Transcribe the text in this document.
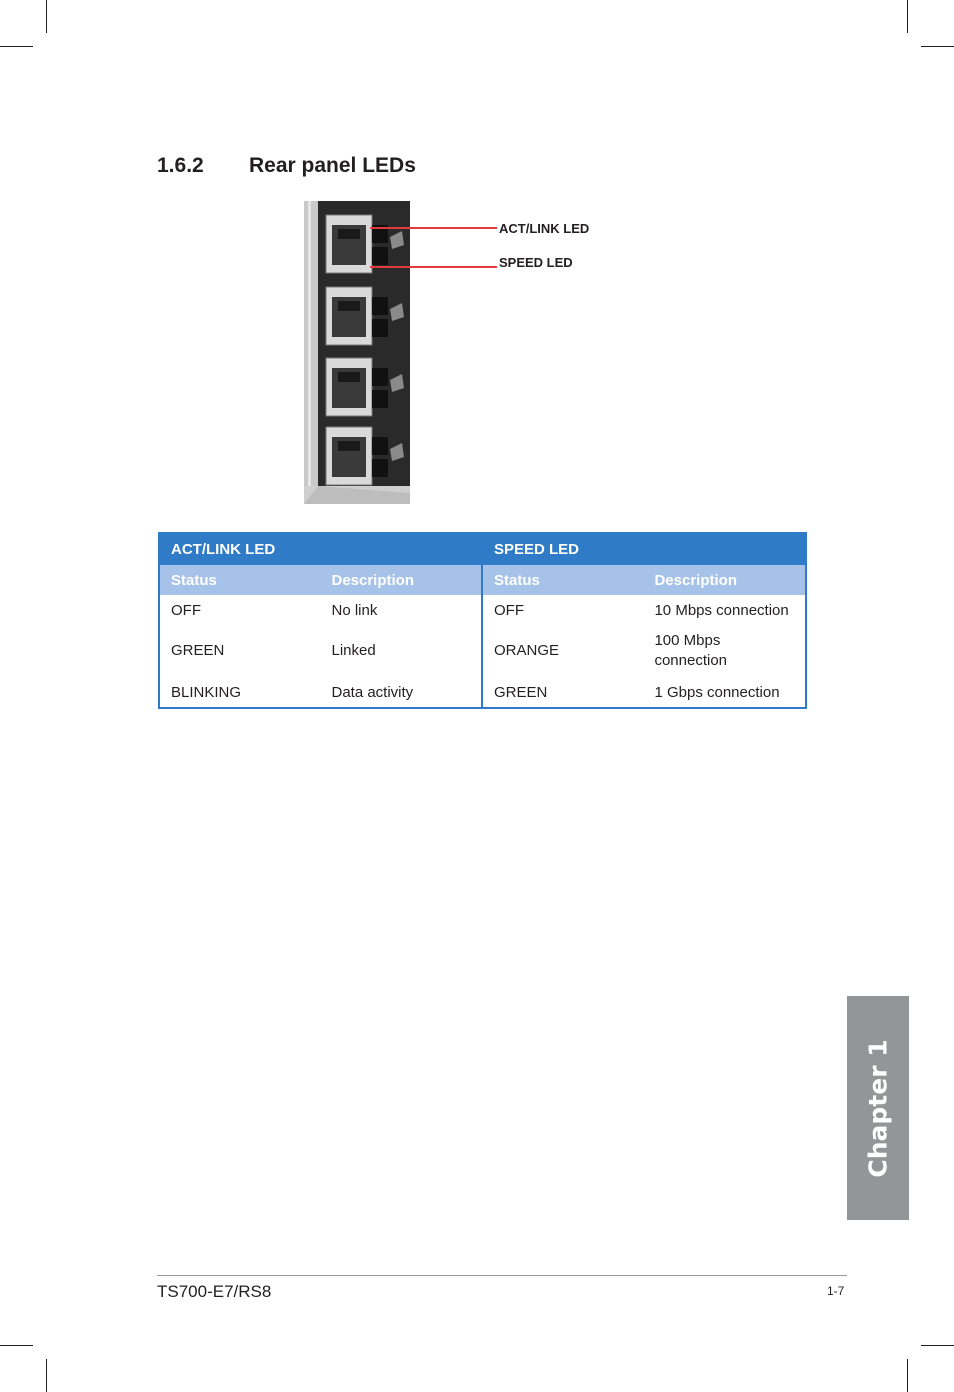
1.6.2 Rear panel LEDs
ACT/LINK LED
SPEED LED
ACT/LINK LED		SPEED LED	
Status	Description	Status	Description
OFF	No link	OFF	10 Mbps connection
GREEN	Linked	ORANGE	100 Mbps connection
BLINKING	Data activity	GREEN	1 Gbps connection
Chapter 1
TS700-E7/RS8	1-7
